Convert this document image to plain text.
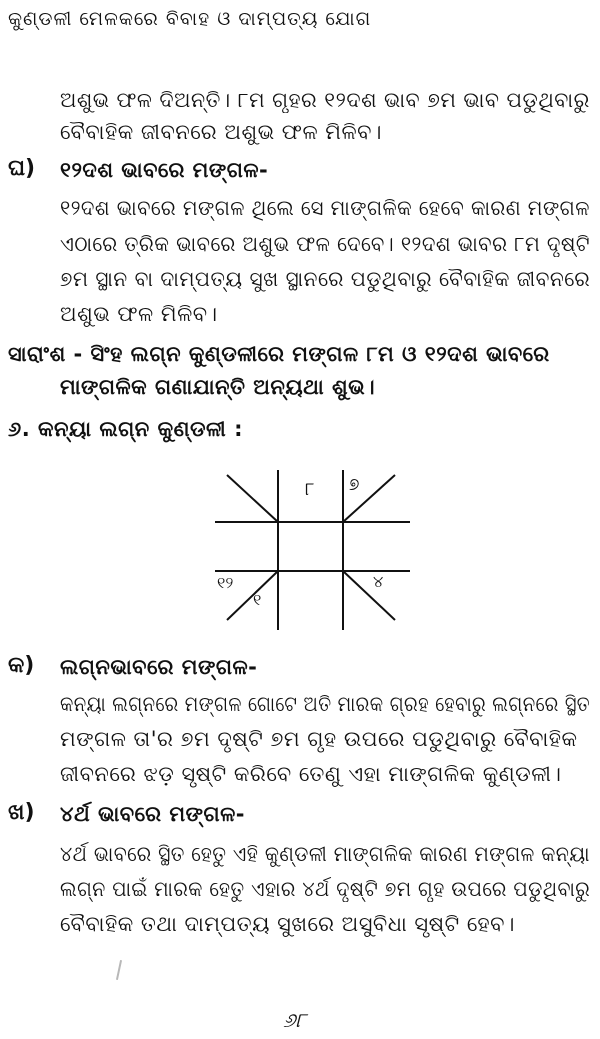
କୁଣ୍ଡଳୀ ମେଳକରେ ବିବାହ ଓ ଦାମ୍ପତ୍ୟ ଯୋଗ
ଅଶୁଭ ଫଳ ଦିଅନ୍ତି। ୮ମ ଗୃହର ୧୨ଦଶ ଭାବ ୭ମ ଭାବ ପଡୁଥିବାରୁ
ବୈବାହିକ ଜୀବନରେ ଅଶୁଭ ଫଳ ମିଳିବ।
ଘ) ୧୨ଦଶ ଭାବରେ ମଙ୍ଗଳ-
୧୨ଦଶ ଭାବରେ ମଙ୍ଗଳ ଥିଲେ ସେ ମାଙ୍ଗଳିକ ହେବେ କାରଣ ମଙ୍ଗଳ
ଏଠାରେ ତ୍ରିକ ଭାବରେ ଅଶୁଭ ଫଳ ଦେବେ। ୧୨ଦଶ ଭାବର ୮ମ ଦୃଷ୍ଟି
୭ମ ସ୍ଥାନ ବା ଦାମ୍ପତ୍ୟ ସୁଖ ସ୍ଥାନରେ ପଡୁଥିବାରୁ ବୈବାହିକ ଜୀବନରେ
ଅଶୁଭ ଫଳ ମିଳିବ।
ସାରାଂଶ - ସିଂହ ଲଗ୍ନ କୁଣ୍ଡଳୀରେ ମଙ୍ଗଳ ୮ମ ଓ ୧୨ଦଶ ଭାବରେ
ମାଙ୍ଗଳିକ ଗଣାଯାନ୍ତି ଅନ୍ୟଥା ଶୁଭ।
୬. କନ୍ୟା ଲଗ୍ନ କୁଣ୍ଡଳୀ :
୮ ୭
୧୨
୧
୪
କ) ଲଗ୍ନଭାବରେ ମଙ୍ଗଳ-
କନ୍ୟା ଲଗ୍ନରେ ମଙ୍ଗଳ ଗୋଟେ ଅତି ମାରକ ଗ୍ରହ ହେବାରୁ ଲଗ୍ନରେ ସ୍ଥିତ
ମଙ୍ଗଳ ତା'ର ୭ମ ଦୃଷ୍ଟି ୭ମ ଗୃହ ଉପରେ ପଡୁଥିବାରୁ ବୈବାହିକ
ଜୀବନରେ ଝଡ଼ ସୃଷ୍ଟି କରିବେ ତେଣୁ ଏହା ମାଙ୍ଗଳିକ କୁଣ୍ଡଳୀ।
ଖ) ୪ର୍ଥ ଭାବରେ ମଙ୍ଗଳ-
୪ର୍ଥ ଭାବରେ ସ୍ଥିତ ହେତୁ ଏହି କୁଣ୍ଡଳୀ ମାଙ୍ଗଳିକ କାରଣ ମଙ୍ଗଳ କନ୍ୟା
ଲଗ୍ନ ପାଇଁ ମାରକ ହେତୁ ଏହାର ୪ର୍ଥ ଦୃଷ୍ଟି ୭ମ ଗୃହ ଉପରେ ପଡୁଥିବାରୁ
ବୈବାହିକ ତଥା ଦାମ୍ପତ୍ୟ ସୁଖରେ ଅସୁବିଧା ସୃଷ୍ଟି ହେବ।
୬୮
